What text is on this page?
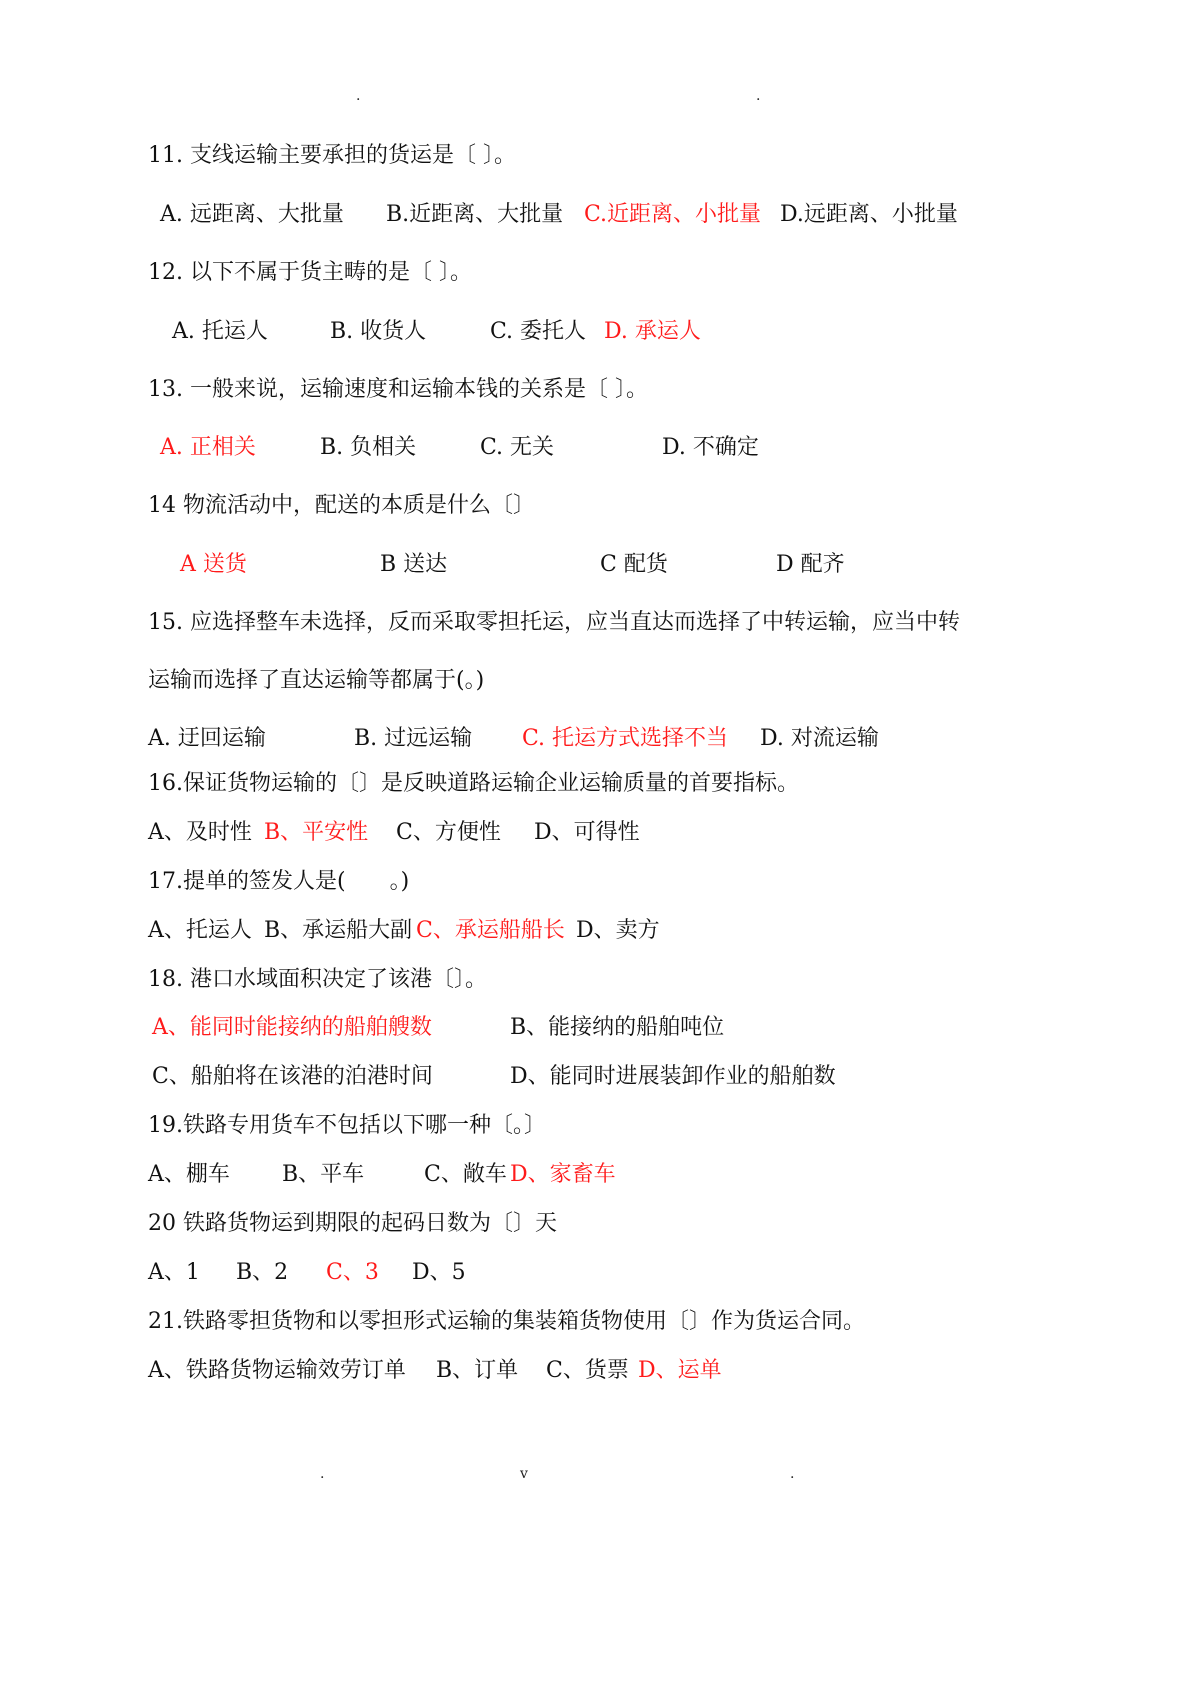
.	.
11. 支线运输主要承担的货运是〔 〕。
A. 远距离、大批量 B.近距离、大批量 C.近距离、小批量 D.远距离、小批量
12. 以下不属于货主畴的是〔 〕。
A. 托运人	B. 收货人	C. 委托人 D. 承运人
13. 一般来说，运输速度和运输本钱的关系是〔 〕。
A. 正相关	B. 负相关	C. 无关	D. 不确定
14 物流活动中，配送的本质是什么〔〕
A 送货	B 送达	C 配货	D 配齐
15. 应选择整车未选择，反而采取零担托运，应当直达而选择了中转运输，应当中转
运输而选择了直达运输等都属于(。)
A. 迂回运输	B. 过远运输 C. 托运方式选择不当 D. 对流运输
16.保证货物运输的〔〕是反映道路运输企业运输质量的首要指标。
A、及时性 B、平安性 C、方便性 D、可得性
17.提单的签发人是(　　。)
A、托运人 B、承运船大副 C、承运船船长 D、卖方
18. 港口水域面积决定了该港〔〕。
A、能同时能接纳的船舶艘数	B、能接纳的船舶吨位
C、船舶将在该港的泊港时间	D、能同时进展装卸作业的船舶数
19.铁路专用货车不包括以下哪一种〔。〕
A、棚车 B、平车	C、敞车 D、家畜车
20 铁路货物运到期限的起码日数为〔〕天
A、1 B、2 C、3 D、5
21.铁路零担货物和以零担形式运输的集装箱货物使用〔〕作为货运合同。
A、铁路货物运输效劳订单 B、订单 C、货票 D、运单
.	v	.
